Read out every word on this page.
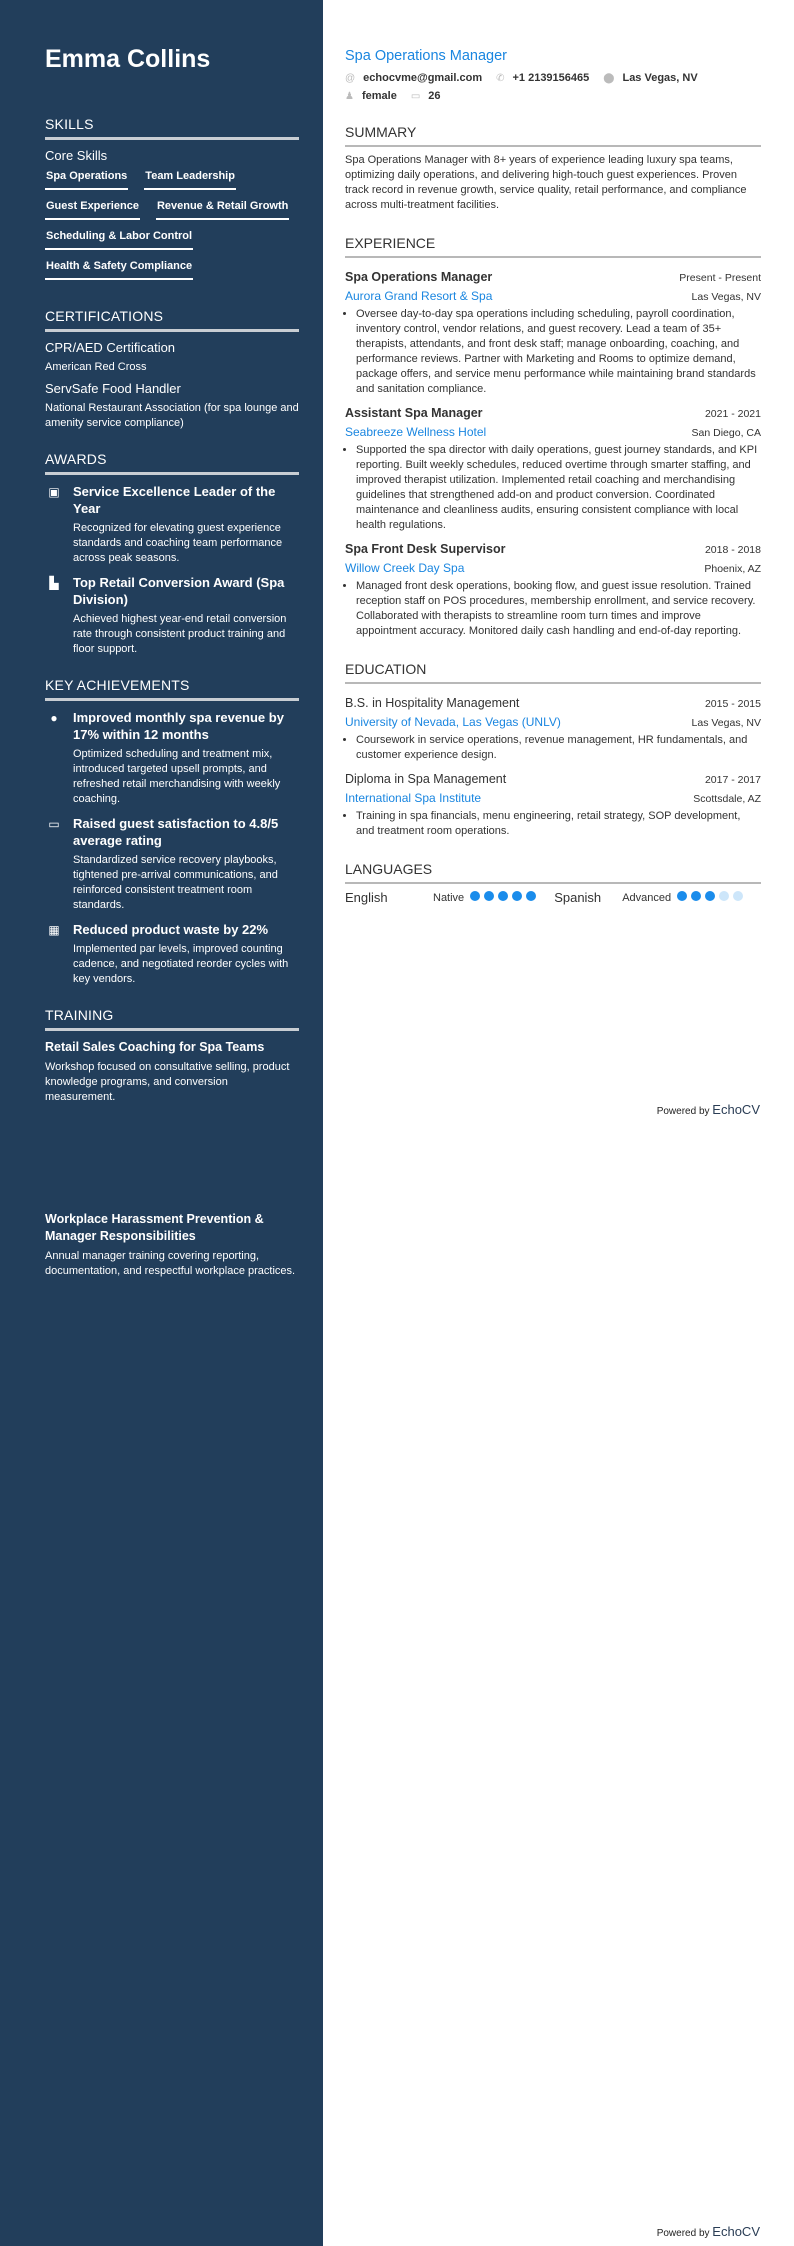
Emma Collins
SKILLS
Core Skills
Spa Operations Team Leadership
Guest Experience Revenue & Retail Growth
Scheduling & Labor Control
Health & Safety Compliance
CERTIFICATIONS
CPR/AED Certification
American Red Cross
ServSafe Food Handler
National Restaurant Association (for spa lounge and amenity service compliance)
AWARDS
▣ Service Excellence Leader of the Year
Recognized for elevating guest experience standards and coaching team performance across peak seasons.
▙	Top Retail Conversion Award (Spa Division)
Achieved highest year-end retail conversion rate through consistent product training and floor support.
KEY ACHIEVEMENTS
●	Improved monthly spa revenue by 17% within 12 months
Optimized scheduling and treatment mix, introduced targeted upsell prompts, and refreshed retail merchandising with weekly coaching.
▭ Raised guest satisfaction to 4.8/5 average rating
Standardized service recovery playbooks, tightened pre-arrival communications, and reinforced consistent treatment room standards.
▦ Reduced product waste by 22%
Implemented par levels, improved counting cadence, and negotiated reorder cycles with key vendors.
TRAINING
Retail Sales Coaching for Spa Teams
Workshop focused on consultative selling, product knowledge programs, and conversion measurement.
Workplace Harassment Prevention & Manager Responsibilities
Annual manager training covering reporting, documentation, and respectful workplace practices.
Spa Operations Manager
@ echocvme@gmail.com ✆ +1 2139156465 ⬤ Las Vegas, NV
♟ female ▭ 26
SUMMARY

Spa Operations Manager with 8+ years of experience leading luxury spa teams, optimizing daily operations, and delivering high-touch guest experiences. Proven track record in revenue growth, service quality, retail performance, and compliance across multi-treatment facilities.

EXPERIENCE
Spa Operations Manager	Present - Present
Aurora Grand Resort & Spa	Las Vegas, NV
• Oversee day-to-day spa operations including scheduling, payroll coordination, inventory control, vendor relations, and guest recovery. Lead a team of 35+ therapists, attendants, and front desk staff; manage onboarding, coaching, and performance reviews. Partner with Marketing and Rooms to optimize demand, package offers, and service menu performance while maintaining brand standards and sanitation compliance.
Assistant Spa Manager	2021 - 2021
Seabreeze Wellness Hotel	San Diego, CA
• Supported the spa director with daily operations, guest journey standards, and KPI reporting. Built weekly schedules, reduced overtime through smarter staffing, and improved therapist utilization. Implemented retail coaching and merchandising guidelines that strengthened add-on and product conversion. Coordinated maintenance and cleanliness audits, ensuring consistent compliance with local health regulations.
Spa Front Desk Supervisor	2018 - 2018
Willow Creek Day Spa	Phoenix, AZ
• Managed front desk operations, booking flow, and guest issue resolution. Trained reception staff on POS procedures, membership enrollment, and service recovery. Collaborated with therapists to streamline room turn times and improve appointment accuracy. Monitored daily cash handling and end-of-day reporting.
EDUCATION
B.S. in Hospitality Management	2015 - 2015
University of Nevada, Las Vegas (UNLV)	Las Vegas, NV
• Coursework in service operations, revenue management, HR fundamentals, and customer experience design.
Diploma in Spa Management	2017 - 2017
International Spa Institute	Scottsdale, AZ
• Training in spa financials, menu engineering, retail strategy, SOP development, and treatment room operations.
LANGUAGES
English	Native	Spanish	Advanced
Powered by EchoCV
Powered by EchoCV
